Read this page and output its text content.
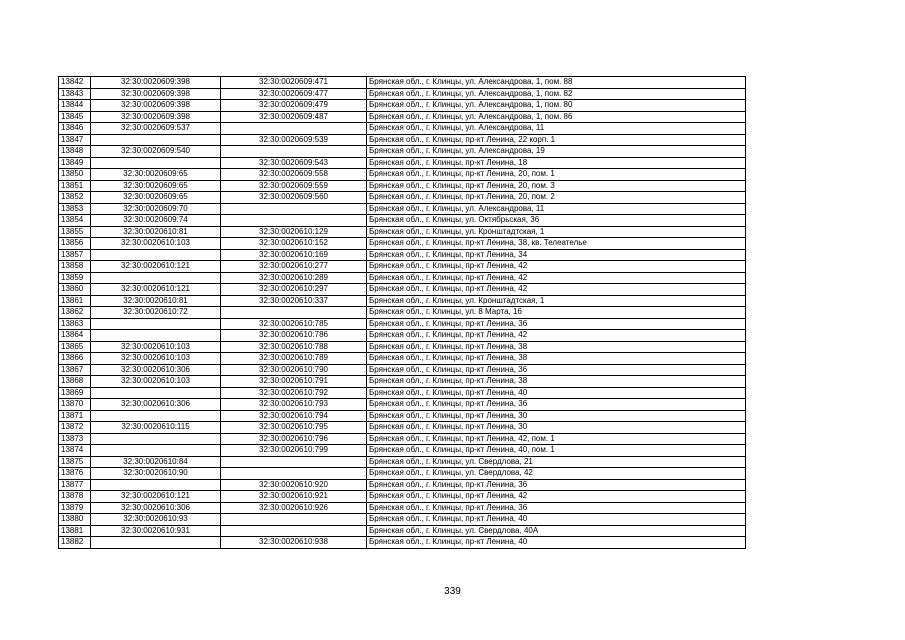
13842	32:30:0020609:398	32:30:0020609:471	Брянская обл., г. Клинцы, ул. Александрова, 1, пом. 88
13843	32:30:0020609:398	32:30:0020609:477	Брянская обл., г. Клинцы, ул. Александрова, 1, пом. 82
13844	32:30:0020609:398	32:30:0020609:479	Брянская обл., г. Клинцы, ул. Александрова, 1, пом. 80
13845	32:30:0020609:398	32:30:0020609:487	Брянская обл., г. Клинцы, ул. Александрова, 1, пом. 86
13846	32:30:0020609:537		Брянская обл., г. Клинцы, ул. Александрова, 11
13847		32:30:0020609:539	Брянская обл., г. Клинцы, пр-кт Ленина, 22 корп. 1
13848	32:30:0020609:540		Брянская обл., г. Клинцы, ул. Александрова, 19
13849		32:30:0020609:543	Брянская обл., г. Клинцы, пр-кт Ленина, 18
13850	32:30:0020609:65	32:30:0020609:558	Брянская обл., г. Клинцы, пр-кт Ленина, 20, пом. 1
13851	32:30:0020609:65	32:30:0020609:559	Брянская обл., г. Клинцы, пр-кт Ленина, 20, пом. 3
13852	32:30:0020609:65	32:30:0020609:560	Брянская обл., г. Клинцы, пр-кт Ленина, 20, пом. 2
13853	32:30:0020609:70		Брянская обл., г. Клинцы, ул. Александрова, 11
13854	32:30:0020609:74		Брянская обл., г. Клинцы, ул. Октябрьская, 36
13855	32:30:0020610:81	32:30:0020610:129	Брянская обл., г. Клинцы, ул. Кронштадтская, 1
13856	32:30:0020610:103	32:30:0020610:152	Брянская обл., г. Клинцы, пр-кт Ленина, 38, кв. Телеателье
13857		32:30:0020610:169	Брянская обл., г. Клинцы, пр-кт Ленина, 34
13858	32:30:0020610:121	32:30:0020610:277	Брянская обл., г. Клинцы, пр-кт Ленина, 42
13859		32:30:0020610:289	Брянская обл., г. Клинцы, пр-кт Ленина, 42
13860	32:30:0020610:121	32:30:0020610:297	Брянская обл., г. Клинцы, пр-кт Ленина, 42
13861	32:30:0020610:81	32:30:0020610:337	Брянская обл., г. Клинцы, ул. Кронштадтская, 1
13862	32:30:0020610:72		Брянская обл., г. Клинцы, ул. 8 Марта, 16
13863		32:30:0020610:785	Брянская обл., г. Клинцы, пр-кт Ленина, 36
13864		32:30:0020610:786	Брянская обл., г. Клинцы, пр-кт Ленина, 42
13865	32:30:0020610:103	32:30:0020610:788	Брянская обл., г. Клинцы, пр-кт Ленина, 38
13866	32:30:0020610:103	32:30:0020610:789	Брянская обл., г. Клинцы, пр-кт Ленина, 38
13867	32:30:0020610:306	32:30:0020610:790	Брянская обл., г. Клинцы, пр-кт Ленина, 36
13868	32:30:0020610:103	32:30:0020610:791	Брянская обл., г. Клинцы, пр-кт Ленина, 38
13869		32:30:0020610:792	Брянская обл., г. Клинцы, пр-кт Ленина, 40
13870	32:30:0020610:306	32:30:0020610:793	Брянская обл., г. Клинцы, пр-кт Ленина, 36
13871		32:30:0020610:794	Брянская обл., г. Клинцы, пр-кт Ленина, 30
13872	32:30:0020610:115	32:30:0020610:795	Брянская обл., г. Клинцы, пр-кт Ленина, 30
13873		32:30:0020610:796	Брянская обл., г. Клинцы, пр-кт Ленина, 42, пом. 1
13874		32:30:0020610:799	Брянская обл., г. Клинцы, пр-кт Ленина, 40, пом. 1
13875	32:30:0020610:84		Брянская обл., г. Клинцы, ул. Свердлова, 21
13876	32:30:0020610:90		Брянская обл., г. Клинцы, ул. Свердлова, 42
13877		32:30:0020610:920	Брянская обл., г. Клинцы, пр-кт Ленина, 36
13878	32:30:0020610:121	32:30:0020610:921	Брянская обл., г. Клинцы, пр-кт Ленина, 42
13879	32:30:0020610:306	32:30:0020610:926	Брянская обл., г. Клинцы, пр-кт Ленина, 36
13880	32:30:0020610:93		Брянская обл., г. Клинцы, пр-кт Ленина, 40
13881	32:30:0020610:931		Брянская обл., г. Клинцы, ул. Свердлова, 40А
13882		32:30:0020610:938	Брянская обл., г. Клинцы, пр-кт Ленина, 40
339
